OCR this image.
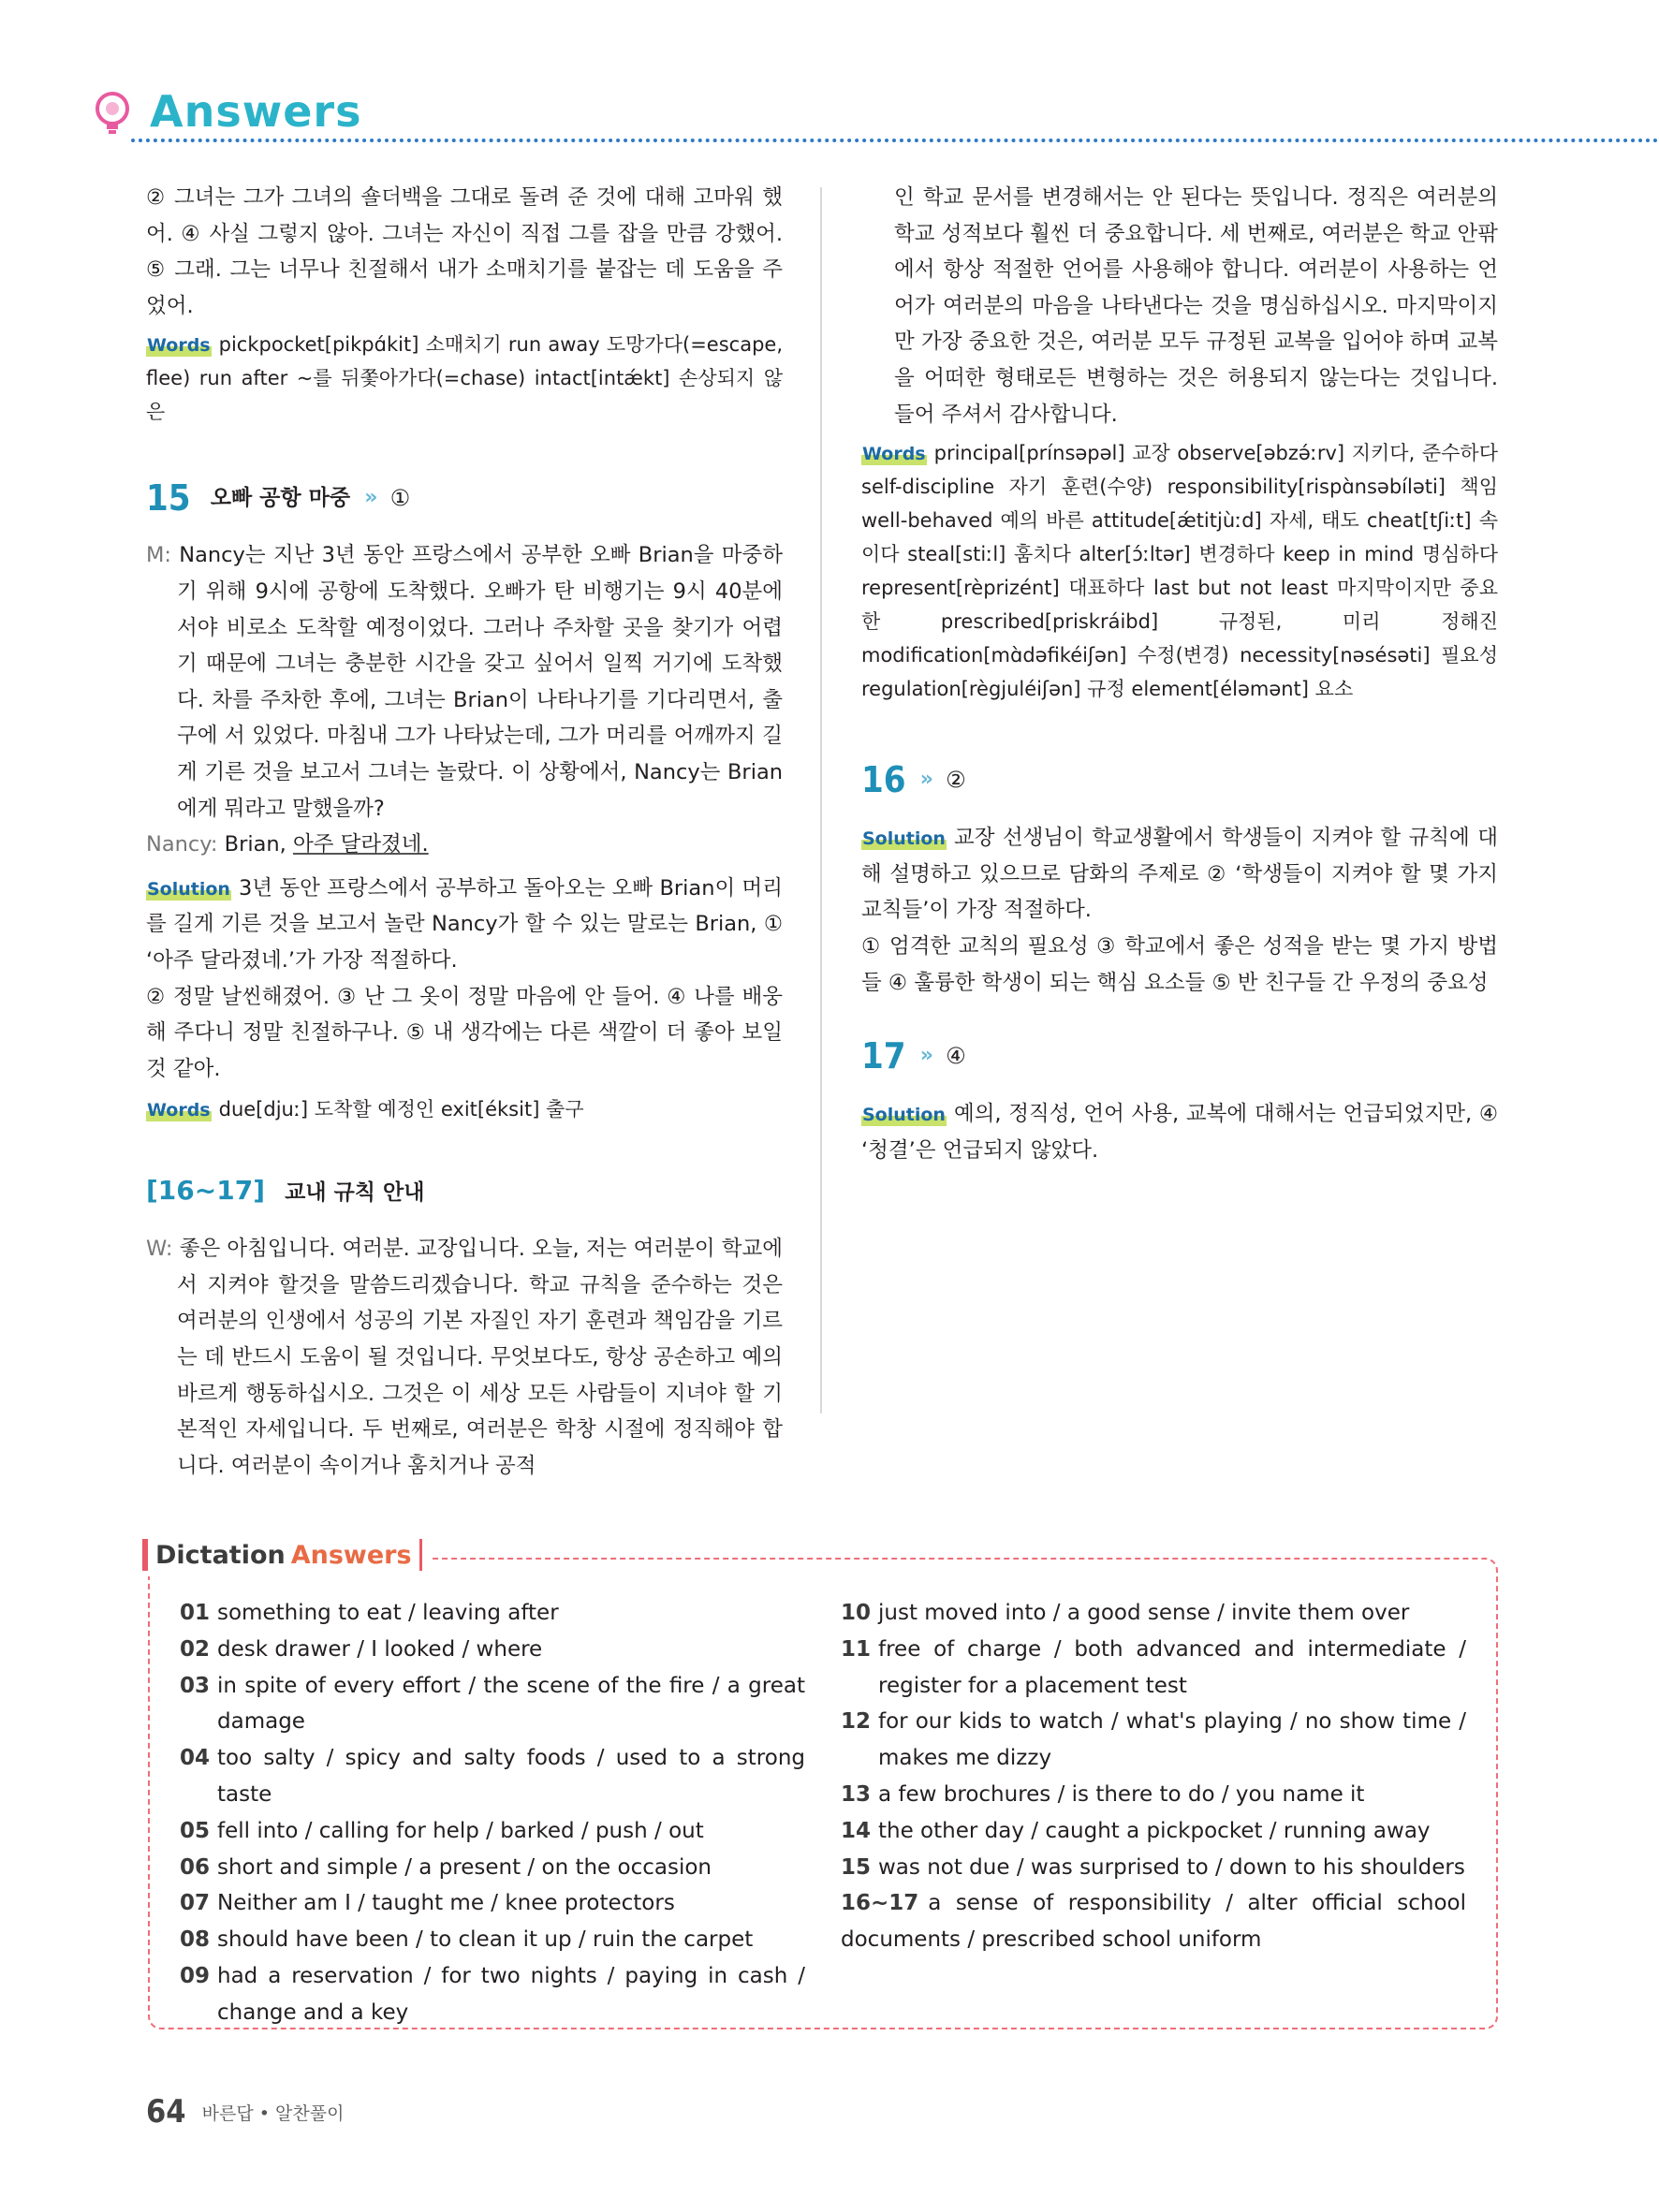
Answers

② 그녀는 그가 그녀의 숄더백을 그대로 돌려 준 것에 대해 고마워 했어. ④ 사실 그렇지 않아. 그녀는 자신이 직접 그를 잡을 만큼 강했어. ⑤ 그래. 그는 너무나 친절해서 내가 소매치기를 붙잡는 데 도움을 주었어.

Words pickpocket[pikpɑ́kit] 소매치기 run away 도망가다(=escape, flee) run after ~를 뒤쫓아가다(=chase) intact[intǽkt] 손상되지 않은

15 오빠 공항 마중 » ①

M: Nancy는 지난 3년 동안 프랑스에서 공부한 오빠 Brian을 마중하기 위해 9시에 공항에 도착했다. 오빠가 탄 비행기는 9시 40분에서야 비로소 도착할 예정이었다. 그러나 주차할 곳을 찾기가 어렵기 때문에 그녀는 충분한 시간을 갖고 싶어서 일찍 거기에 도착했다. 차를 주차한 후에, 그녀는 Brian이 나타나기를 기다리면서, 출구에 서 있었다. 마침내 그가 나타났는데, 그가 머리를 어깨까지 길게 기른 것을 보고서 그녀는 놀랐다. 이 상황에서, Nancy는 Brian에게 뭐라고 말했을까?

Nancy: Brian, 아주 달라졌네.

Solution 3년 동안 프랑스에서 공부하고 돌아오는 오빠 Brian이 머리를 길게 기른 것을 보고서 놀란 Nancy가 할 수 있는 말로는 Brian, ① ‘아주 달라졌네.’가 가장 적절하다.

② 정말 날씬해졌어. ③ 난 그 옷이 정말 마음에 안 들어. ④ 나를 배웅해 주다니 정말 친절하구나. ⑤ 내 생각에는 다른 색깔이 더 좋아 보일 것 같아.

Words due[djuː] 도착할 예정인 exit[éksit] 출구

[16~17] 교내 규칙 안내

W: 좋은 아침입니다. 여러분. 교장입니다. 오늘, 저는 여러분이 학교에서 지켜야 할것을 말씀드리겠습니다. 학교 규칙을 준수하는 것은 여러분의 인생에서 성공의 기본 자질인 자기 훈련과 책임감을 기르는 데 반드시 도움이 될 것입니다. 무엇보다도, 항상 공손하고 예의 바르게 행동하십시오. 그것은 이 세상 모든 사람들이 지녀야 할 기본적인 자세입니다. 두 번째로, 여러분은 학창 시절에 정직해야 합니다. 여러분이 속이거나 훔치거나 공적

인 학교 문서를 변경해서는 안 된다는 뜻입니다. 정직은 여러분의 학교 성적보다 훨씬 더 중요합니다. 세 번째로, 여러분은 학교 안팎에서 항상 적절한 언어를 사용해야 합니다. 여러분이 사용하는 언어가 여러분의 마음을 나타낸다는 것을 명심하십시오. 마지막이지만 가장 중요한 것은, 여러분 모두 규정된 교복을 입어야 하며 교복을 어떠한 형태로든 변형하는 것은 허용되지 않는다는 것입니다. 들어 주셔서 감사합니다.

Words principal[prínsəpəl] 교장 observe[əbzə́ːrv] 지키다, 준수하다 self-discipline 자기 훈련(수양) responsibility[rispɑ̀nsəbíləti] 책임 well-behaved 예의 바른 attitude[ǽtitjùːd] 자세, 태도 cheat[tʃiːt] 속이다 steal[stiːl] 훔치다 alter[ɔ́ːltər] 변경하다 keep in mind 명심하다 represent[rèprizént] 대표하다 last but not least 마지막이지만 중요한 prescribed[priskráibd] 규정된, 미리 정해진 modification[mɑ̀dəfikéiʃən] 수정(변경) necessity[nəsésəti] 필요성 regulation[règjuléiʃən] 규정 element[éləmənt] 요소

16 » ②

Solution 교장 선생님이 학교생활에서 학생들이 지켜야 할 규칙에 대해 설명하고 있으므로 담화의 주제로 ② ‘학생들이 지켜야 할 몇 가지 교칙들’이 가장 적절하다.

① 엄격한 교칙의 필요성 ③ 학교에서 좋은 성적을 받는 몇 가지 방법들 ④ 훌륭한 학생이 되는 핵심 요소들 ⑤ 반 친구들 간 우정의 중요성

17 » ④

Solution 예의, 정직성, 언어 사용, 교복에 대해서는 언급되었지만, ④ ‘청결’은 언급되지 않았다.

Dictation Answers
01 something to eat / leaving after
02 desk drawer / I looked / where
03 in spite of every effort / the scene of the fire / a great damage
04 too salty / spicy and salty foods / used to a strong taste
05 fell into / calling for help / barked / push / out
06 short and simple / a present / on the occasion
07 Neither am I / taught me / knee protectors
08 should have been / to clean it up / ruin the carpet
09 had a reservation / for two nights / paying in cash / change and a key
10 just moved into / a good sense / invite them over
11 free of charge / both advanced and intermediate / register for a placement test
12 for our kids to watch / what's playing / no show time / makes me dizzy
13 a few brochures / is there to do / you name it
14 the other day / caught a pickpocket / running away
15 was not due / was surprised to / down to his shoulders
16~17 a sense of responsibility / alter official school documents / prescribed school uniform
64 바른답 • 알찬풀이
